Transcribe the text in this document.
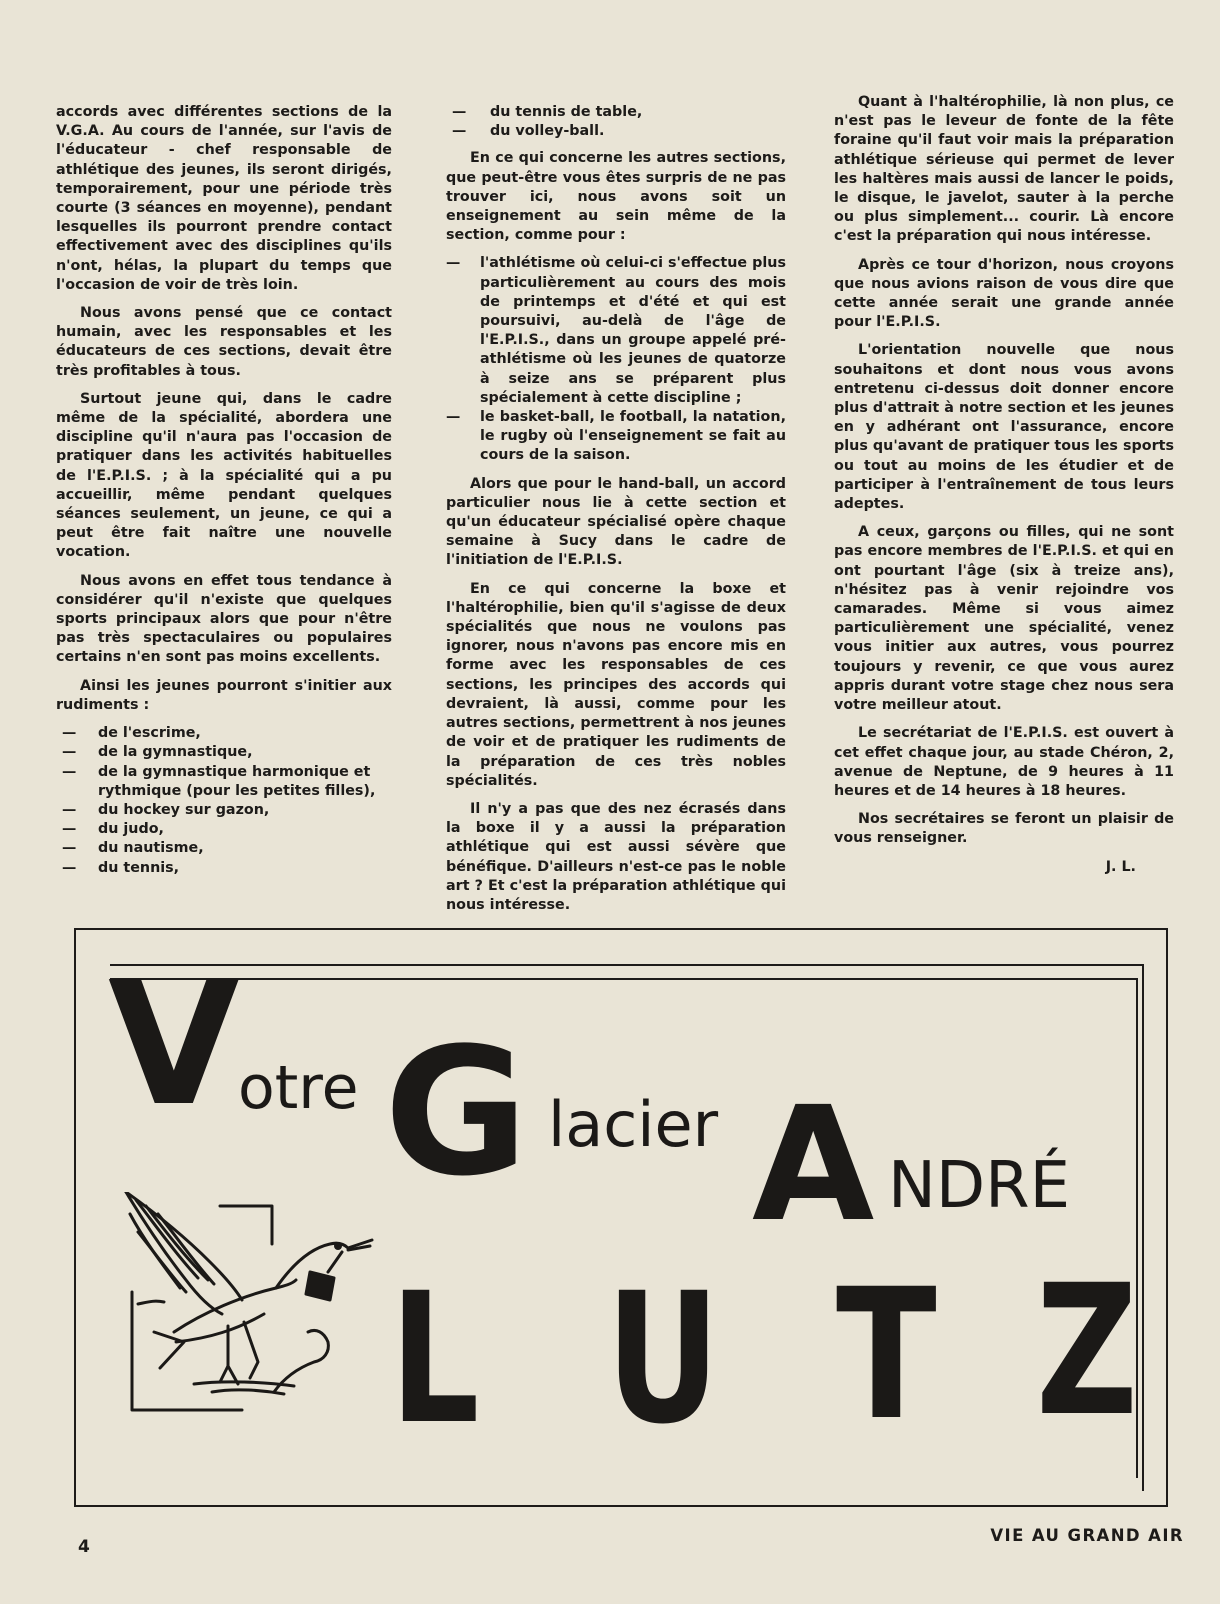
accords avec différentes sections de la V.G.A. Au cours de l'année, sur l'avis de l'éducateur - chef responsable de athlétique des jeunes, ils seront dirigés, temporairement, pour une période très courte (3 séances en moyenne), pendant lesquelles ils pourront prendre contact effectivement avec des disciplines qu'ils n'ont, hélas, la plupart du temps que l'occasion de voir de très loin.

Nous avons pensé que ce contact humain, avec les responsables et les éducateurs de ces sections, devait être très profitables à tous.

Surtout jeune qui, dans le cadre même de la spécialité, abordera une discipline qu'il n'aura pas l'occasion de pratiquer dans les activités habituelles de l'E.P.I.S. ; à la spécialité qui a pu accueillir, même pendant quelques séances seulement, un jeune, ce qui a peut être fait naître une nouvelle vocation.

Nous avons en effet tous tendance à considérer qu'il n'existe que quelques sports principaux alors que pour n'être pas très spectaculaires ou populaires certains n'en sont pas moins excellents.

Ainsi les jeunes pourront s'initier aux rudiments :

— de l'escrime,
— de la gymnastique,
— de la gymnastique harmonique et rythmique (pour les petites filles),
— du hockey sur gazon,
— du judo,
— du nautisme,
— du tennis,
— du tennis de table,
— du volley-ball.

En ce qui concerne les autres sections, que peut-être vous êtes surpris de ne pas trouver ici, nous avons soit un enseignement au sein même de la section, comme pour :

— l'athlétisme où celui-ci s'effectue plus particulièrement au cours des mois de printemps et d'été et qui est poursuivi, au-delà de l'âge de l'E.P.I.S., dans un groupe appelé pré-athlétisme où les jeunes de quatorze à seize ans se préparent plus spécialement à cette discipline ;
— le basket-ball, le football, la natation, le rugby où l'enseignement se fait au cours de la saison.

Alors que pour le hand-ball, un accord particulier nous lie à cette section et qu'un éducateur spécialisé opère chaque semaine à Sucy dans le cadre de l'initiation de l'E.P.I.S.

En ce qui concerne la boxe et l'haltérophilie, bien qu'il s'agisse de deux spécialités que nous ne voulons pas ignorer, nous n'avons pas encore mis en forme avec les responsables de ces sections, les principes des accords qui devraient, là aussi, comme pour les autres sections, permettrent à nos jeunes de voir et de pratiquer les rudiments de la préparation de ces très nobles spécialités.

Il n'y a pas que des nez écrasés dans la boxe il y a aussi la préparation athlétique qui est aussi sévère que bénéfique. D'ailleurs n'est-ce pas le noble art ? Et c'est la préparation athlétique qui nous intéresse.

Quant à l'haltérophilie, là non plus, ce n'est pas le leveur de fonte de la fête foraine qu'il faut voir mais la préparation athlétique sérieuse qui permet de lever les haltères mais aussi de lancer le poids, le disque, le javelot, sauter à la perche ou plus simplement... courir. Là encore c'est la préparation qui nous intéresse.

Après ce tour d'horizon, nous croyons que nous avions raison de vous dire que cette année serait une grande année pour l'E.P.I.S.

L'orientation nouvelle que nous souhaitons et dont nous vous avons entretenu ci-dessus doit donner encore plus d'attrait à notre section et les jeunes en y adhérant ont l'assurance, encore plus qu'avant de pratiquer tous les sports ou tout au moins de les étudier et de participer à l'entraînement de tous leurs adeptes.

A ceux, garçons ou filles, qui ne sont pas encore membres de l'E.P.I.S. et qui en ont pourtant l'âge (six à treize ans), n'hésitez pas à venir rejoindre vos camarades. Même si vous aimez particulièrement une spécialité, venez vous initier aux autres, vous pourrez toujours y revenir, ce que vous aurez appris durant votre stage chez nous sera votre meilleur atout.

Le secrétariat de l'E.P.I.S. est ouvert à cet effet chaque jour, au stade Chéron, 2, avenue de Neptune, de 9 heures à 11 heures et de 14 heures à 18 heures.

Nos secrétaires se feront un plaisir de vous renseigner.

J. L.
V
otre G lacier A NDRÉ
L U T Z
4
VIE AU GRAND AIR
